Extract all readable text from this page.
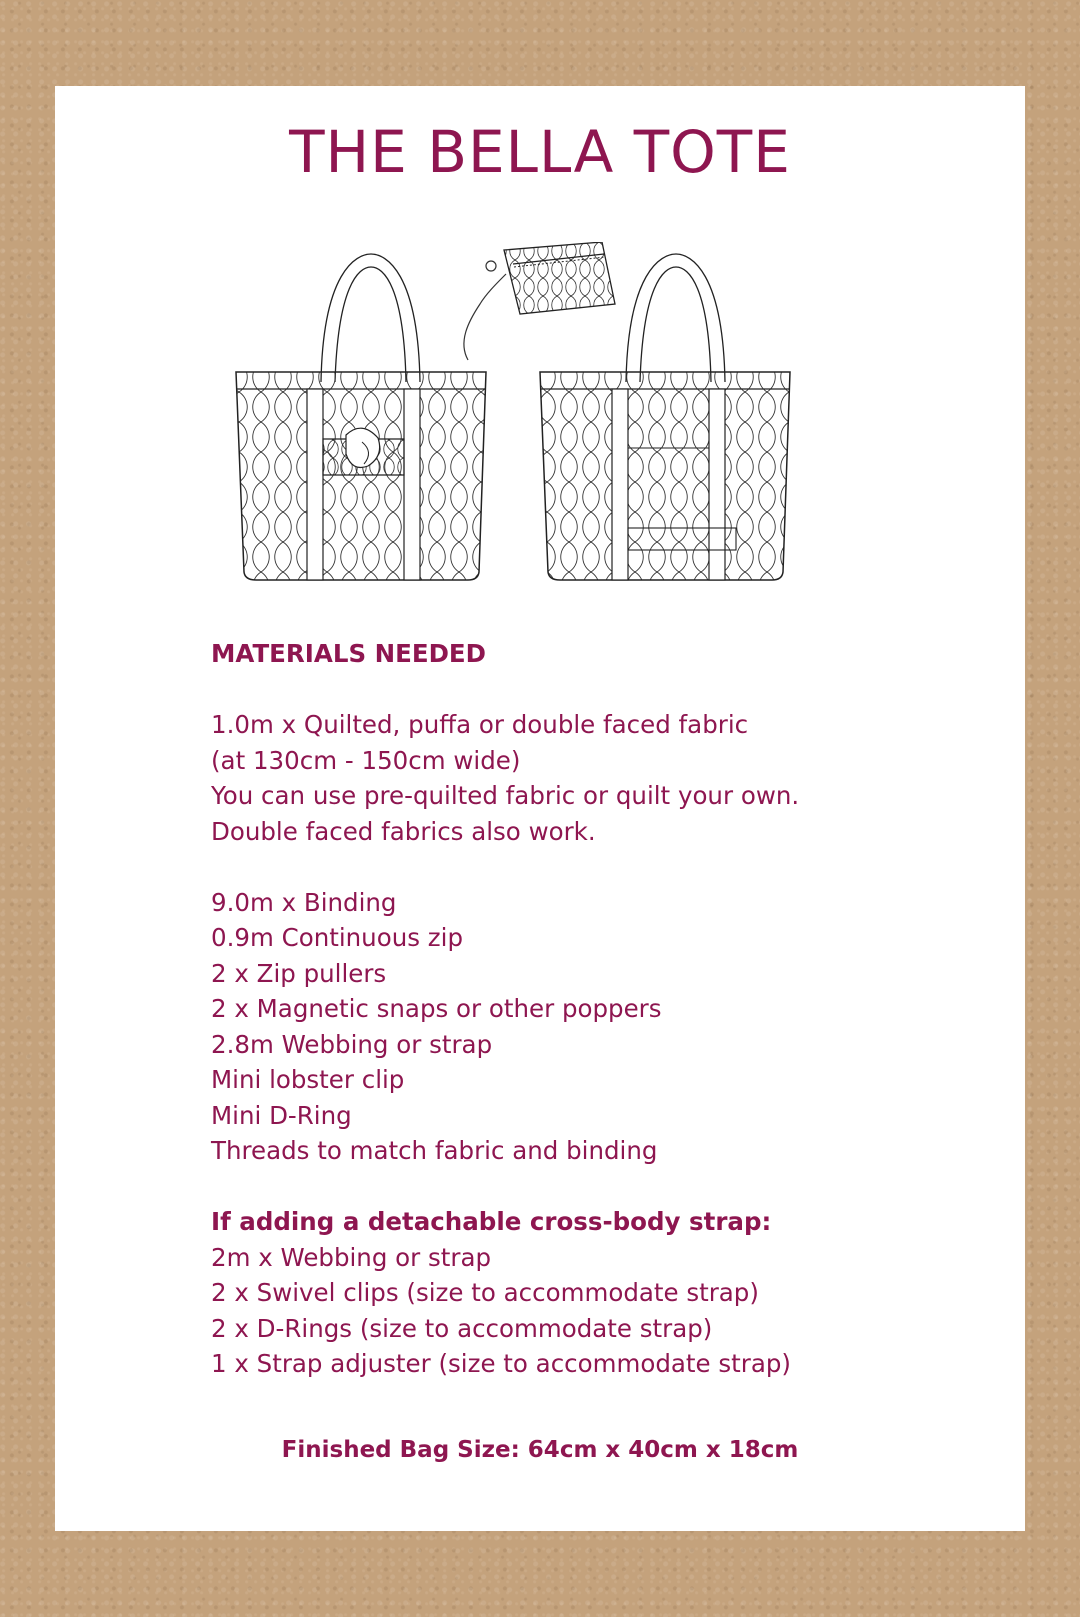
THE BELLA TOTE
MATERIALS NEEDED
1.0m x Quilted, puffa or double faced fabric
(at 130cm - 150cm wide)
You can use pre-quilted fabric or quilt your own.
Double faced fabrics also work.
9.0m x Binding
0.9m Continuous zip
2 x Zip pullers
2 x Magnetic snaps or other poppers
2.8m Webbing or strap
Mini lobster clip
Mini D-Ring
Threads to match fabric and binding
If adding a detachable cross-body strap:
2m x Webbing or strap
2 x Swivel clips (size to accommodate strap)
2 x D-Rings (size to accommodate strap)
1 x Strap adjuster (size to accommodate strap)
Finished Bag Size: 64cm x 40cm x 18cm
